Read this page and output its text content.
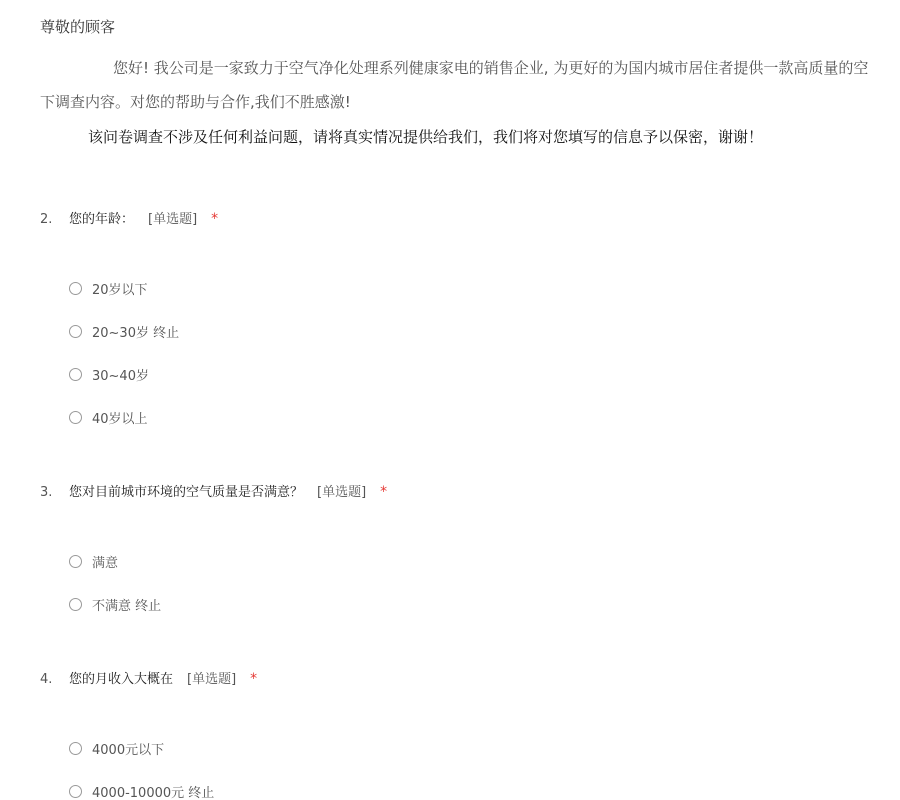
尊敬的顾客
您好! 我公司是一家致力于空气净化处理系列健康家电的销售企业, 为更好的为国内城市居住者提供一款高质量的空
下调查内容。对您的帮助与合作,我们不胜感激!
该问卷调查不涉及任何利益问题，请将真实情况提供给我们，我们将对您填写的信息予以保密，谢谢！
2.	您的年龄： [单选题] *
20岁以下
20~30岁 终止
30~40岁
40岁以上
3.	您对目前城市环境的空气质量是否满意？ [单选题] *
满意
不满意 终止
4.	您的月收入大概在 [单选题] *
4000元以下
4000-10000元 终止
